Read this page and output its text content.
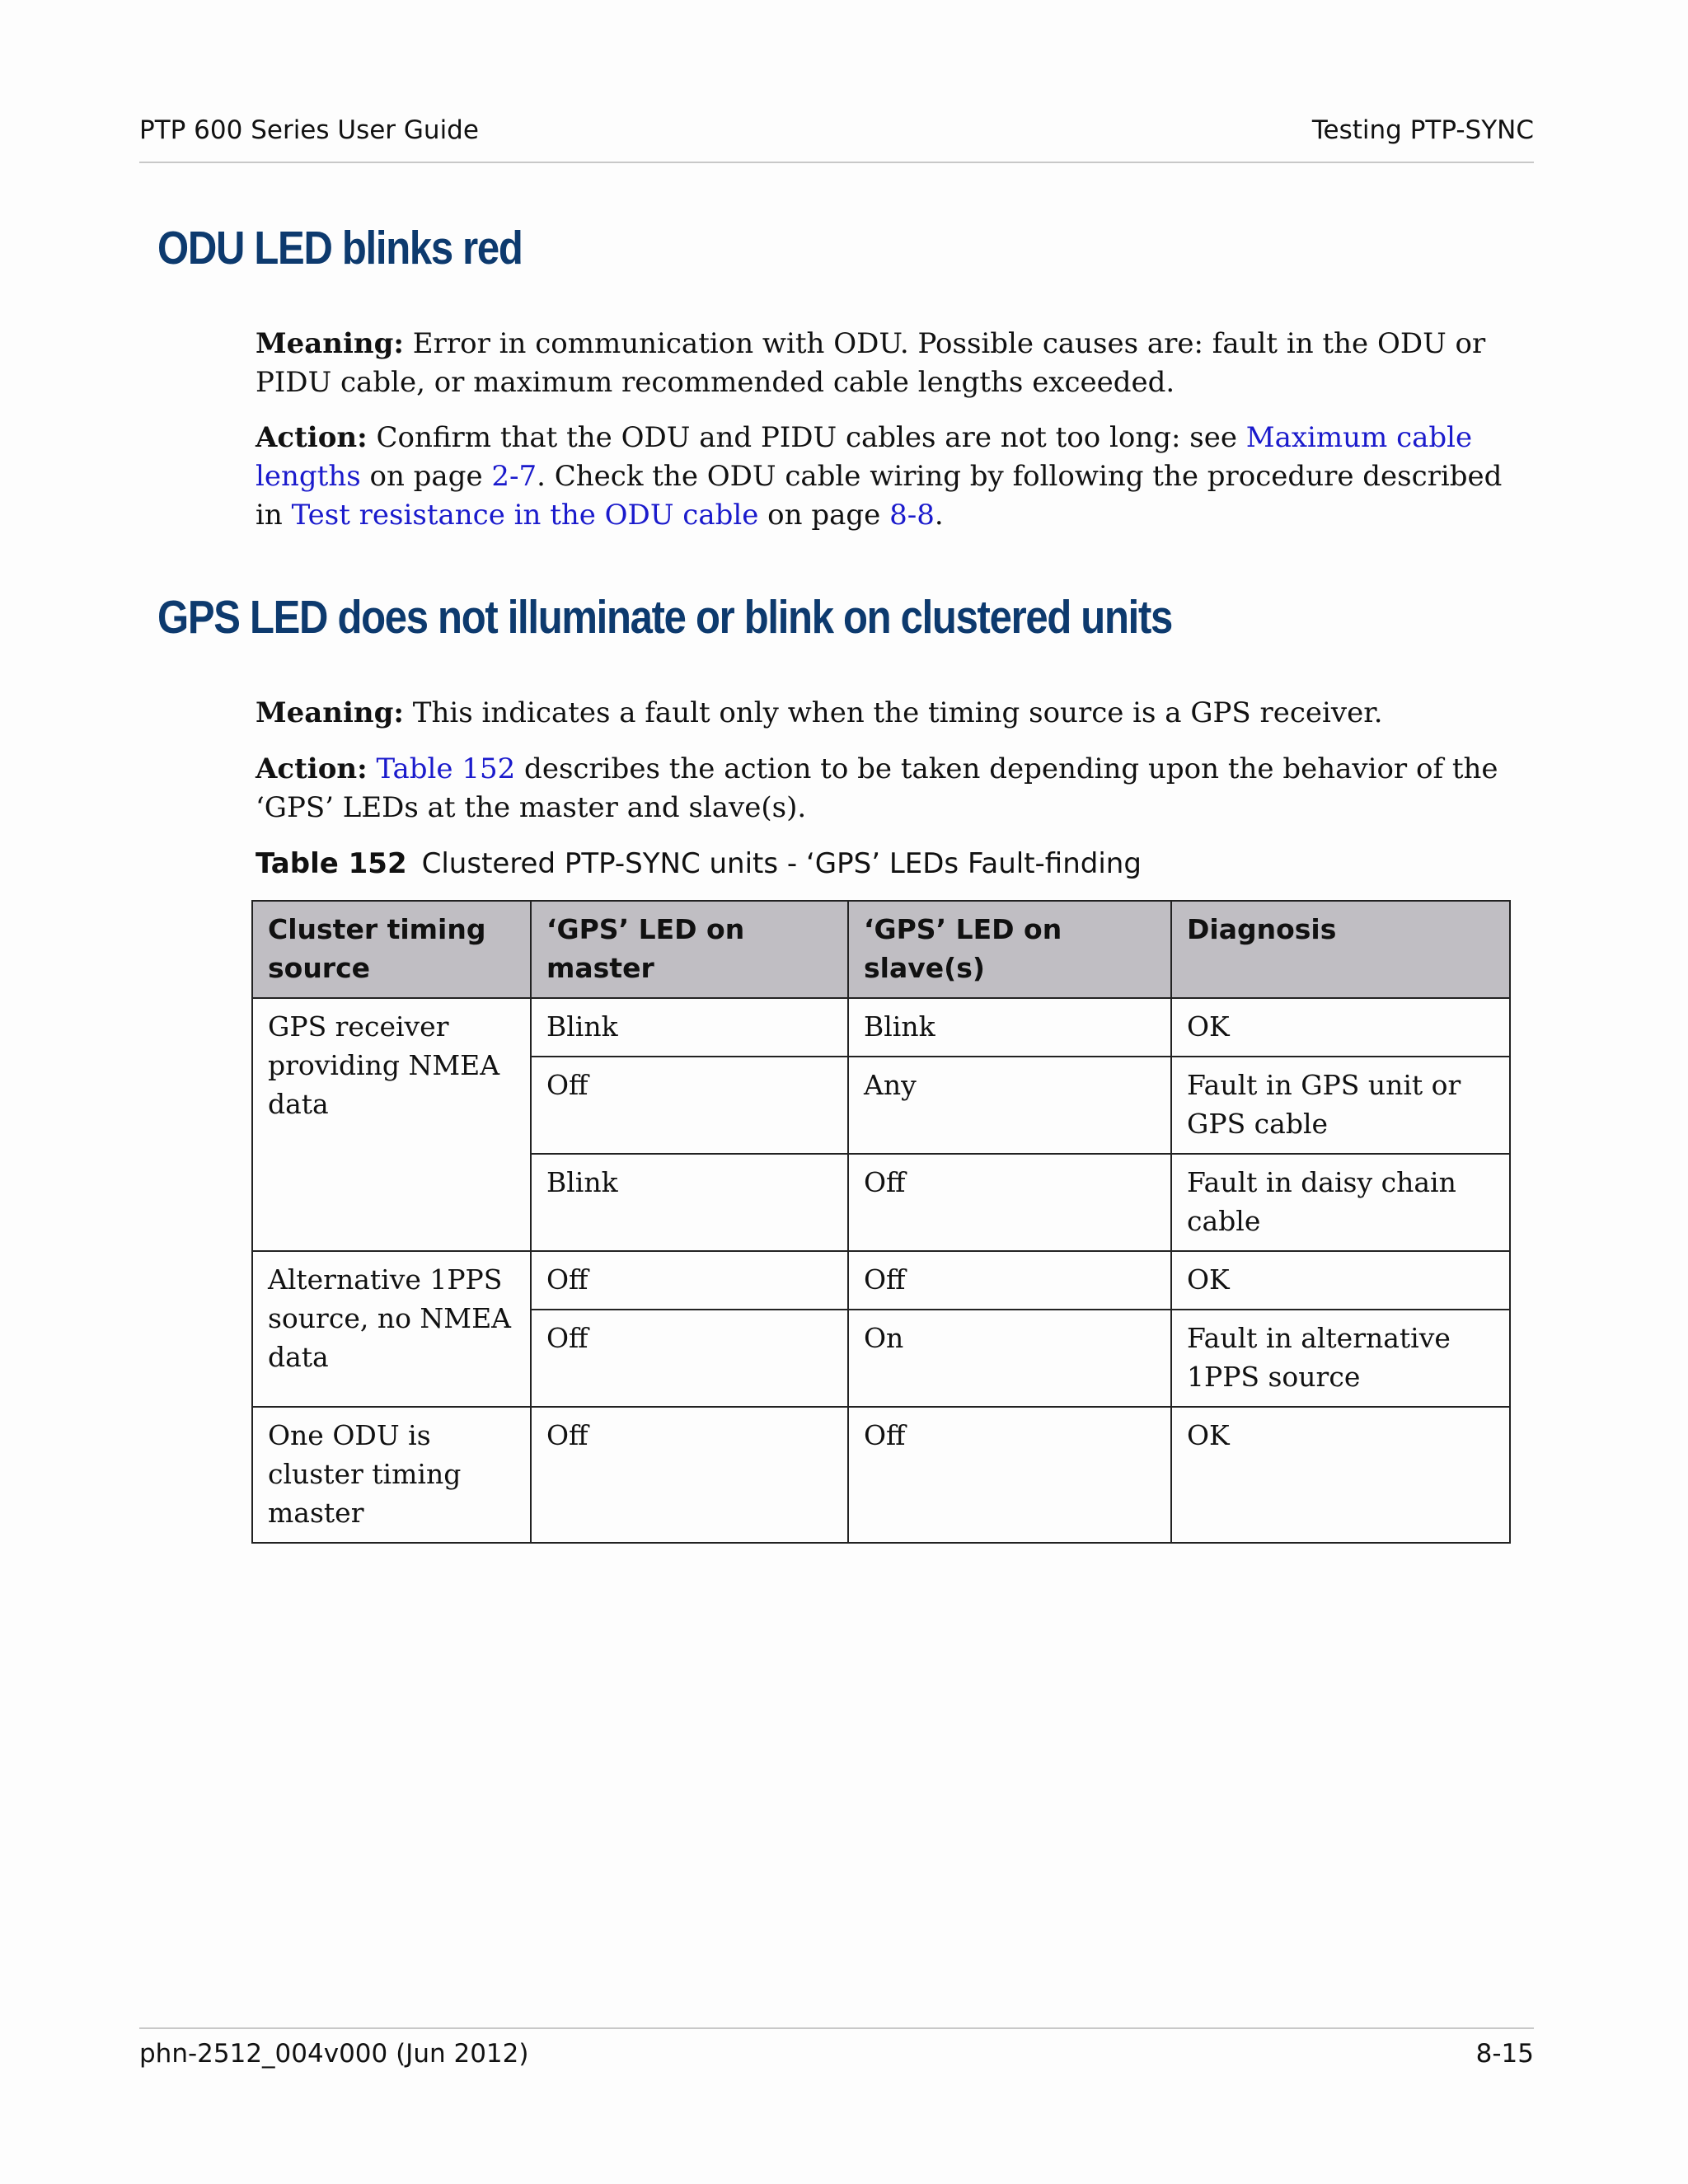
PTP 600 Series User Guide	Testing PTP-SYNC
ODU LED blinks red

Meaning: Error in communication with ODU. Possible causes are: fault in the ODU or PIDU cable, or maximum recommended cable lengths exceeded.

Action: Confirm that the ODU and PIDU cables are not too long: see Maximum cable lengths on page 2-7. Check the ODU cable wiring by following the procedure described in Test resistance in the ODU cable on page 8-8.

GPS LED does not illuminate or blink on clustered units

Meaning: This indicates a fault only when the timing source is a GPS receiver.

Action: Table 152 describes the action to be taken depending upon the behavior of the ‘GPS’ LEDs at the master and slave(s).

Table 152 Clustered PTP-SYNC units - ‘GPS’ LEDs Fault-finding
Cluster timing source	‘GPS’ LED on master	‘GPS’ LED on slave(s)	Diagnosis
GPS receiver providing NMEA data	Blink	Blink	OK
	Off	Any	Fault in GPS unit or GPS cable
	Blink	Off	Fault in daisy chain cable
Alternative 1PPS source, no NMEA data	Off	Off	OK
	Off	On	Fault in alternative 1PPS source
One ODU is cluster timing master	Off	Off	OK
phn-2512_004v000 (Jun 2012)	8-15
